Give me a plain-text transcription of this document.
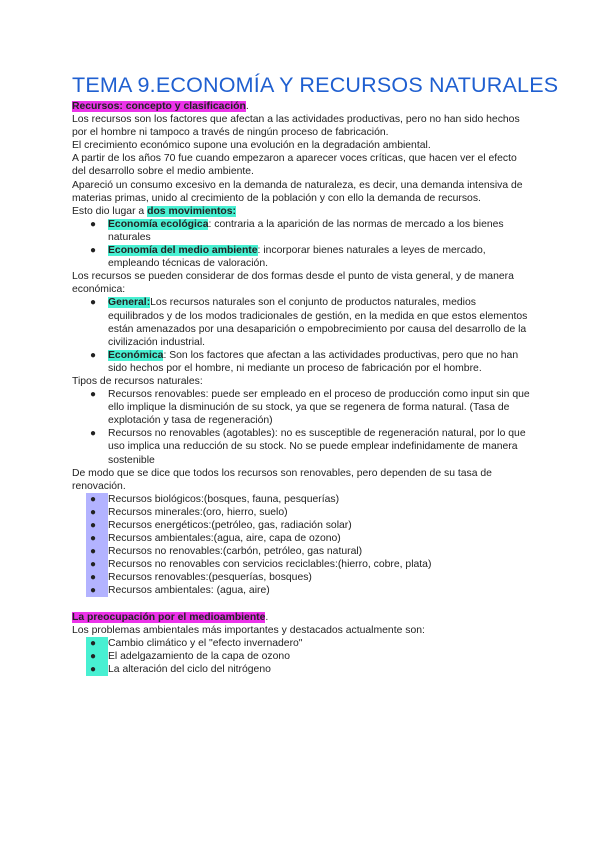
TEMA 9.ECONOMÍA Y RECURSOS NATURALES

Recursos: concepto y clasificación.

Los recursos son los factores que afectan a las actividades productivas, pero no han sido hechos por el hombre ni tampoco a través de ningún proceso de fabricación.

El crecimiento económico supone una evolución en la degradación ambiental.

A partir de los años 70 fue cuando empezaron a aparecer voces críticas, que hacen ver el efecto del desarrollo sobre el medio ambiente.

Apareció un consumo excesivo en la demanda de naturaleza, es decir, una demanda intensiva de materias primas, unido al crecimiento de la población y con ello la demanda de recursos.

Esto dio lugar a dos movimientos:

●	Economía ecológica: contraria a la aparición de las normas de mercado a los bienes naturales
●	Economía del medio ambiente: incorporar bienes naturales a leyes de mercado, empleando técnicas de valoración.

Los recursos se pueden considerar de dos formas desde el punto de vista general, y de manera económica:

●	General:Los recursos naturales son el conjunto de productos naturales, medios equilibrados y de los modos tradicionales de gestión, en la medida en que estos elementos están amenazados por una desaparición o empobrecimiento por causa del desarrollo de la civilización industrial.
●	Económica: Son los factores que afectan a las actividades productivas, pero que no han sido hechos por el hombre, ni mediante un proceso de fabricación por el hombre.

Tipos de recursos naturales:

●	Recursos renovables: puede ser empleado en el proceso de producción como input sin que ello implique la disminución de su stock, ya que se regenera de forma natural. (Tasa de explotación y tasa de regeneración)
●	Recursos no renovables (agotables): no es susceptible de regeneración natural, por lo que uso implica una reducción de su stock. No se puede emplear indefinidamente de manera sostenible

De modo que se dice que todos los recursos son renovables, pero dependen de su tasa de renovación.

●	Recursos biológicos:(bosques, fauna, pesquerías)
●	Recursos minerales:(oro, hierro, suelo)
●	Recursos energéticos:(petróleo, gas, radiación solar)
●	Recursos ambientales:(agua, aire, capa de ozono)
●	Recursos no renovables:(carbón, petróleo, gas natural)
●	Recursos no renovables con servicios reciclables:(hierro, cobre, plata)
●	Recursos renovables:(pesquerías, bosques)
●	Recursos ambientales: (agua, aire)

La preocupación por el medioambiente.

Los problemas ambientales más importantes y destacados actualmente son:

●	Cambio climático y el "efecto invernadero"
●	El adelgazamiento de la capa de ozono
●	La alteración del ciclo del nitrógeno
